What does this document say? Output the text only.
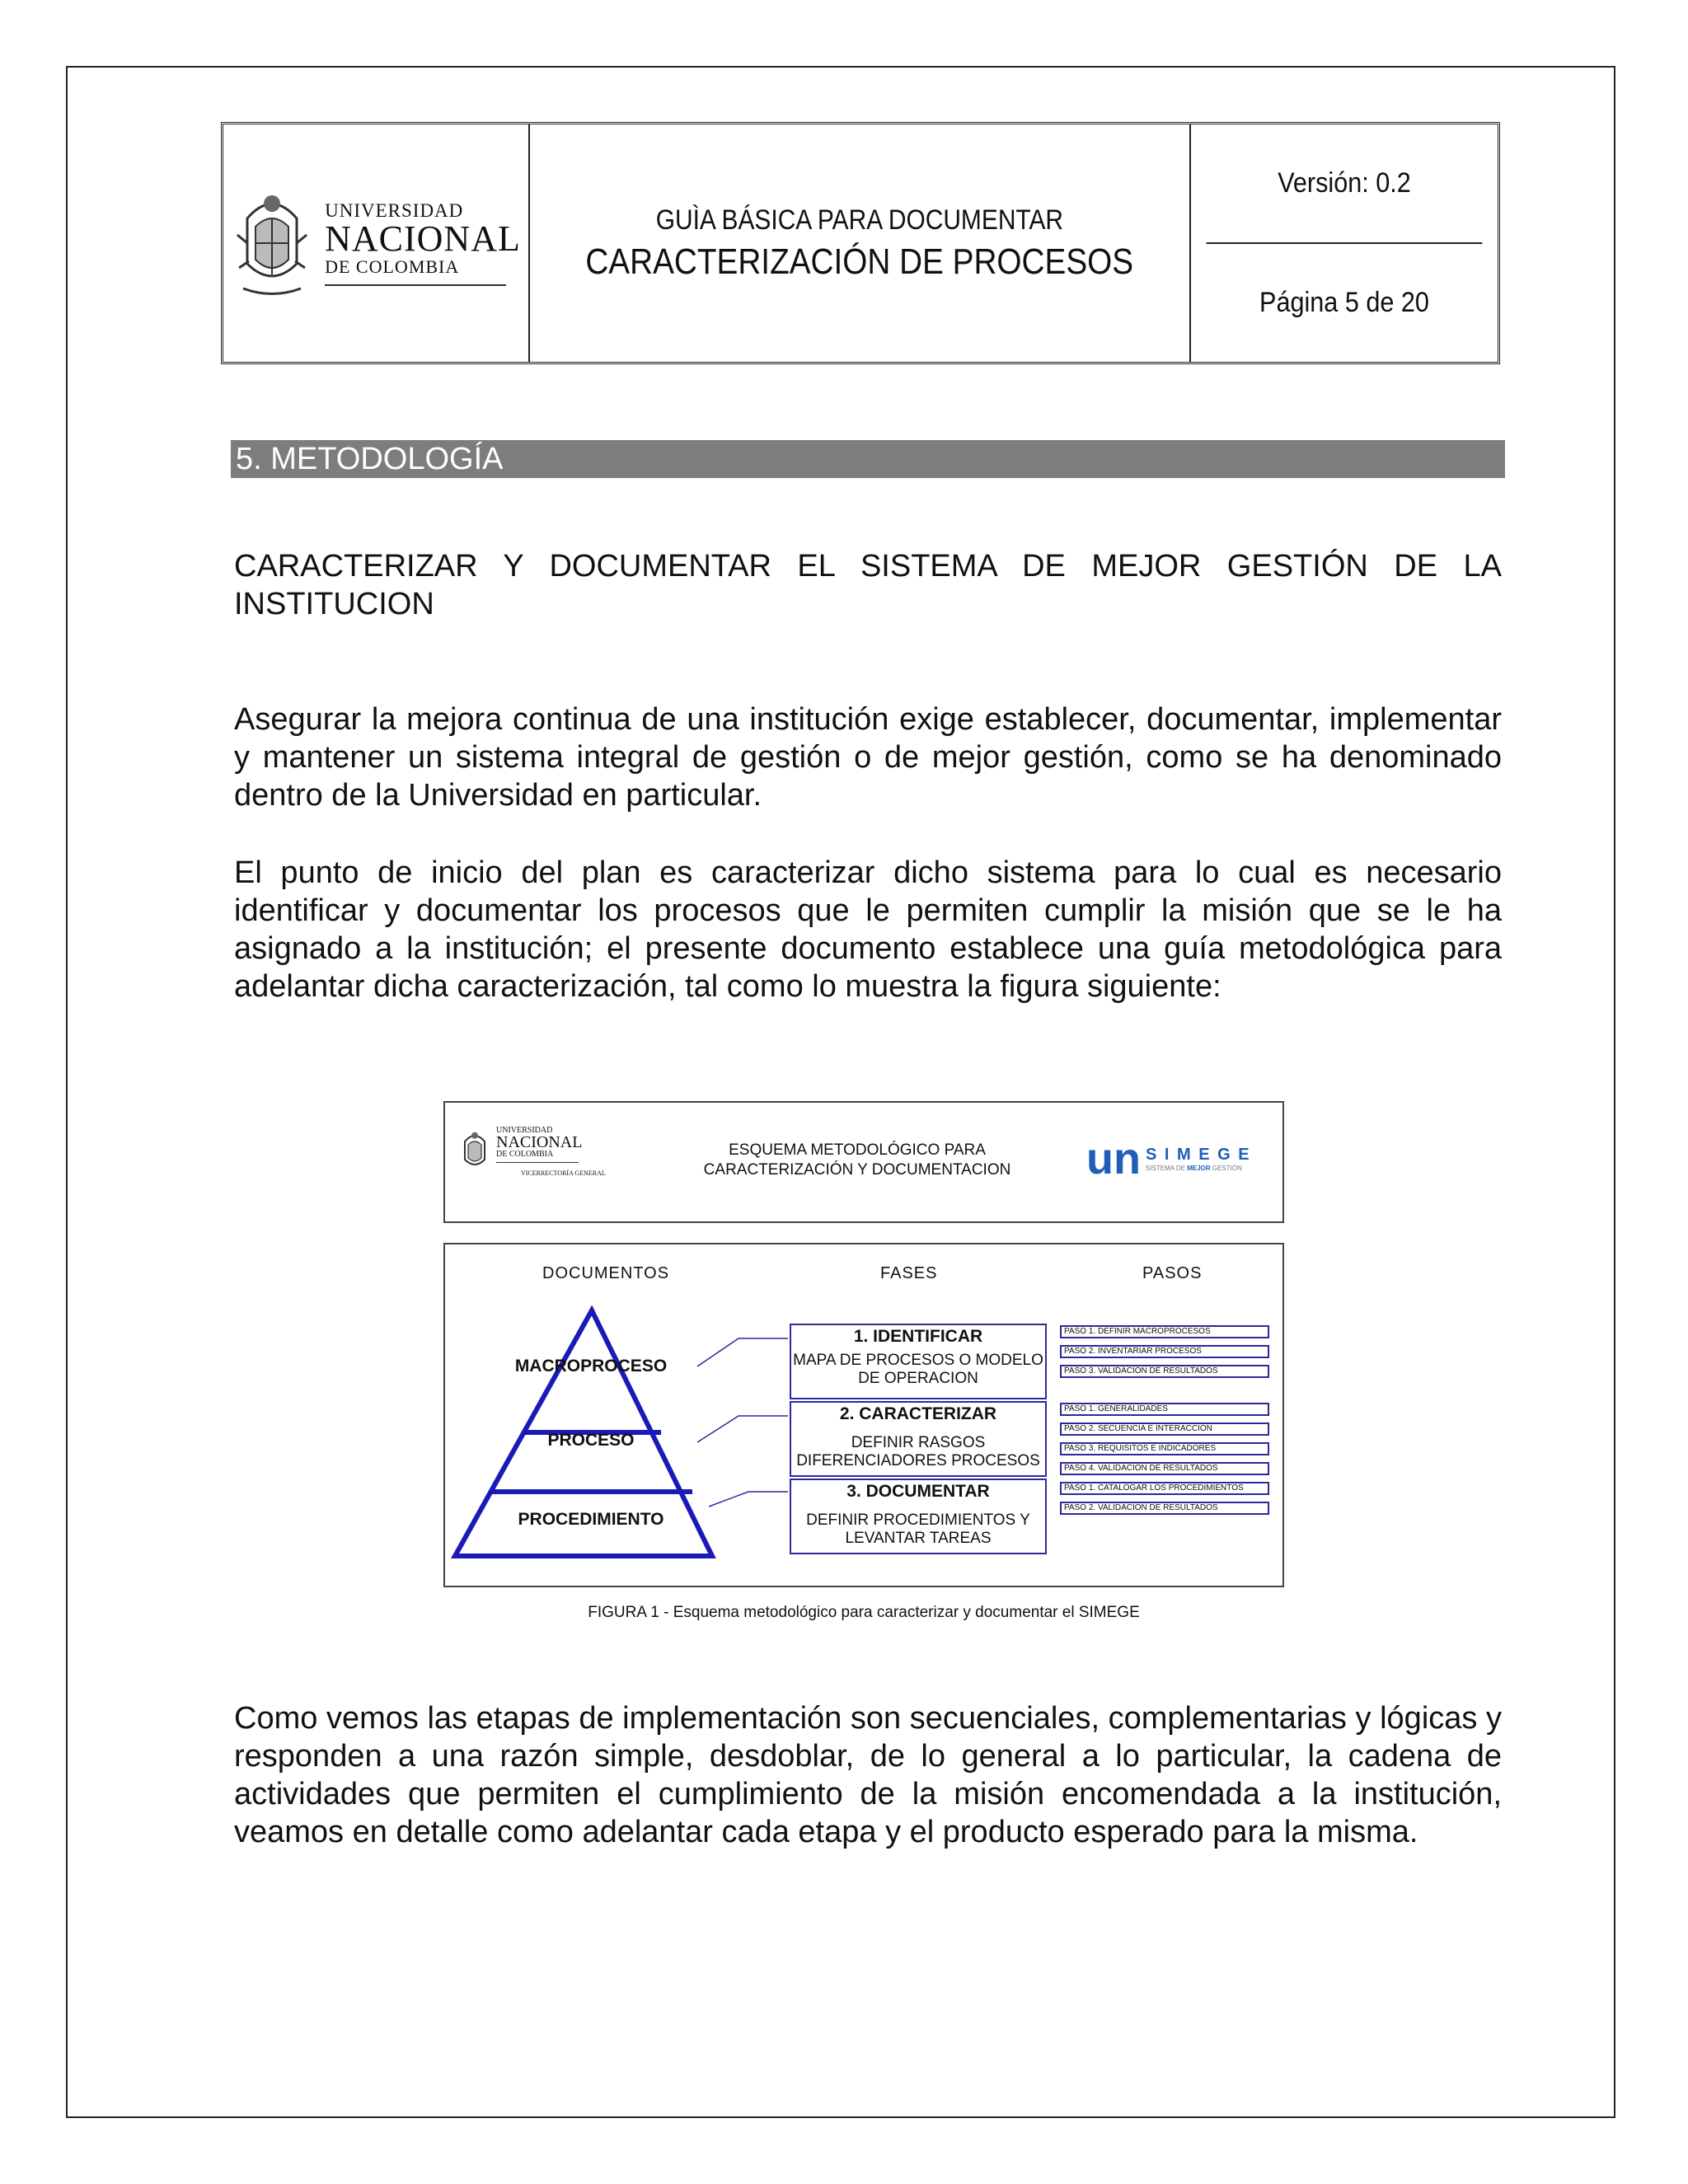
UNIVERSIDAD
NACIONAL
DE COLOMBIA
GUÌA BÁSICA PARA DOCUMENTAR
CARACTERIZACIÓN DE PROCESOS
Versión: 0.2
Página 5 de 20
5. METODOLOGÍA
CARACTERIZAR Y DOCUMENTAR EL SISTEMA DE MEJOR GESTIÓN DE LA INSTITUCION
Asegurar la mejora continua de una institución exige establecer, documentar, implementar y mantener un sistema integral de gestión o de mejor gestión, como se ha denominado dentro de la Universidad en particular.
El punto de inicio del plan es caracterizar dicho sistema para lo cual es necesario identificar y documentar los procesos que le permiten cumplir la misión que se le ha asignado a la institución; el presente documento establece una guía metodológica para adelantar dicha caracterización, tal como lo muestra la figura siguiente:
UNIVERSIDAD
NACIONAL
DE COLOMBIA
VICERRECTORÍA GENERAL
ESQUEMA METODOLÓGICO PARA
CARACTERIZACIÓN Y DOCUMENTACION un S I M E G E
SISTEMA DE MEJOR GESTIÓN
DOCUMENTOS	FASES	PASOS
MACROPROCESO
PROCESO
PROCEDIMIENTO
1. IDENTIFICAR
MAPA DE PROCESOS O MODELO
DE OPERACION
2. CARACTERIZAR
DEFINIR RASGOS
DIFERENCIADORES PROCESOS
3. DOCUMENTAR
DEFINIR PROCEDIMIENTOS Y
LEVANTAR TAREAS
PASO 1. DEFINIR MACROPROCESOS
PASO 2. INVENTARIAR PROCESOS
PASO 3. VALIDACION DE RESULTADOS
PASO 1. GENERALIDADES
PASO 2. SECUENCIA E INTERACCIÓN
PASO 3. REQUISITOS E INDICADORES
PASO 4. VALIDACION DE RESULTADOS
PASO 1. CATALOGAR LOS PROCEDIMIENTOS
PASO 2. VALIDACION DE RESULTADOS
FIGURA 1 - Esquema metodológico para caracterizar y documentar el SIMEGE
Como vemos las etapas de implementación son secuenciales, complementarias y lógicas y responden a una razón simple, desdoblar, de lo general a lo particular, la cadena de actividades que permiten el cumplimiento de la misión encomendada a la institución, veamos en detalle como adelantar cada etapa y el producto esperado para la misma.
